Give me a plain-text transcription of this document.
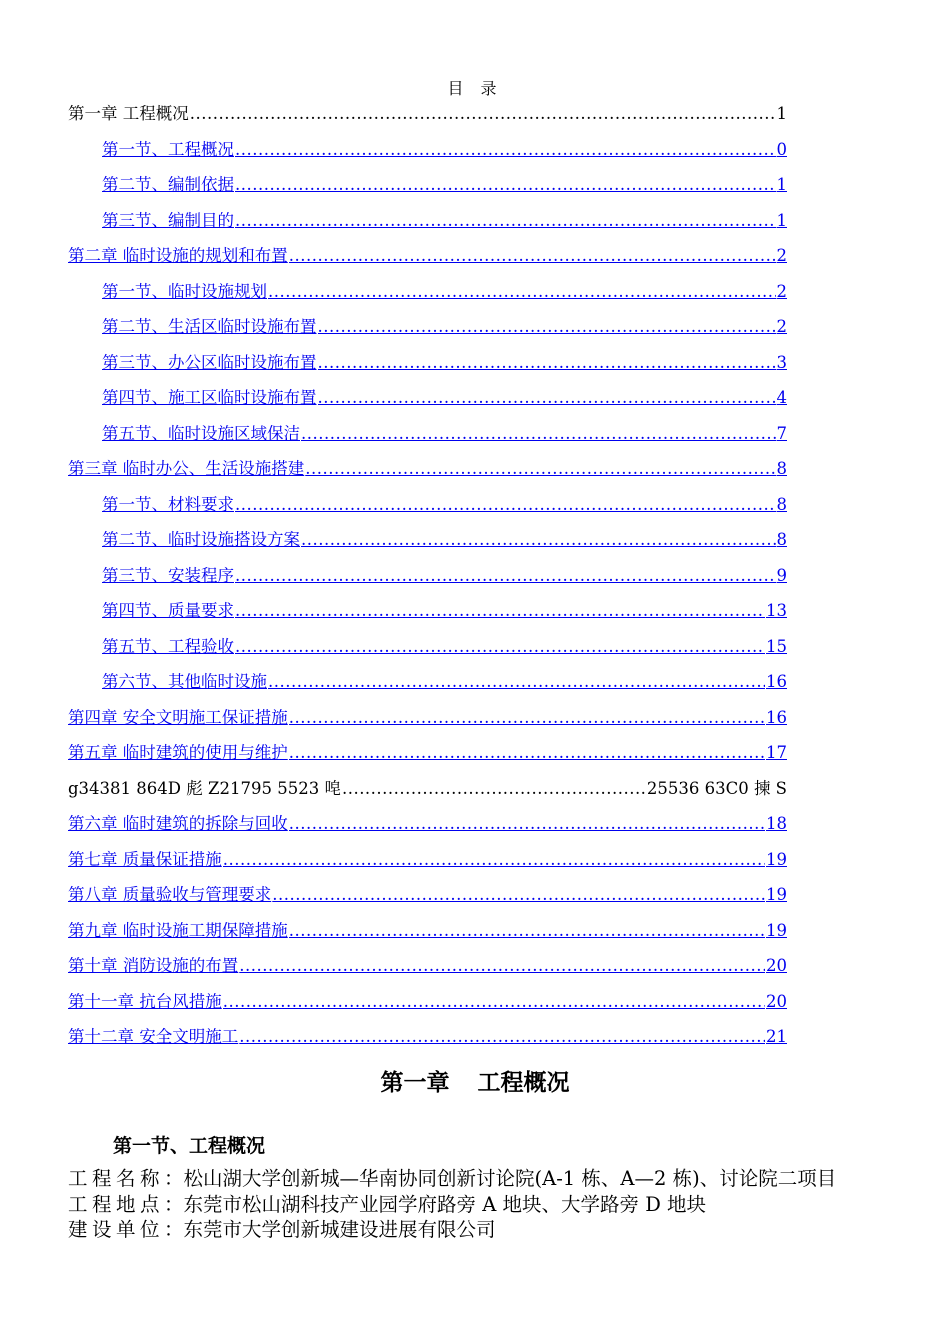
目 录
第一章 工程概况 .....	1
第一节、工程概况 .....	0
第二节、编制依据 .....	1
第三节、编制目的 .....	1
第二章 临时设施的规划和布置 .....	2
第一节、临时设施规划 .....	2
第二节、生活区临时设施布置 .....	2
第三节、办公区临时设施布置 .....	3
第四节、施工区临时设施布置 .....	4
第五节、临时设施区域保洁 .....	7
第三章 临时办公、生活设施搭建 .....	8
第一节、材料要求 .....	8
第二节、临时设施搭设方案 .....	8
第三节、安装程序 .....	9
第四节、质量要求 .....	13
第五节、工程验收 .....	15
第六节、其他临时设施 .....	16
第四章 安全文明施工保证措施 .....	16
第五章 临时建筑的使用与维护 .....	17
g34381 864D 彪 Z21795 5523 唣 .....	25536 63C0 揀 S
第六章 临时建筑的拆除与回收 .....	18
第七章 质量保证措施 .....	19
第八章 质量验收与管理要求 .....	19
第九章 临时设施工期保障措施 .....	19
第十章 消防设施的布置 .....	20
第十一章 抗台风措施 .....	20
第十二章 安全文明施工 .....	21
第一章 工程概况
第一节、工程概况
工程名称：松山湖大学创新城—华南协同创新讨论院(A-1 栋、A—2 栋)、讨论院二项目
工程地点：东莞市松山湖科技产业园学府路旁 A 地块、大学路旁 D 地块
建设单位：东莞市大学创新城建设进展有限公司
